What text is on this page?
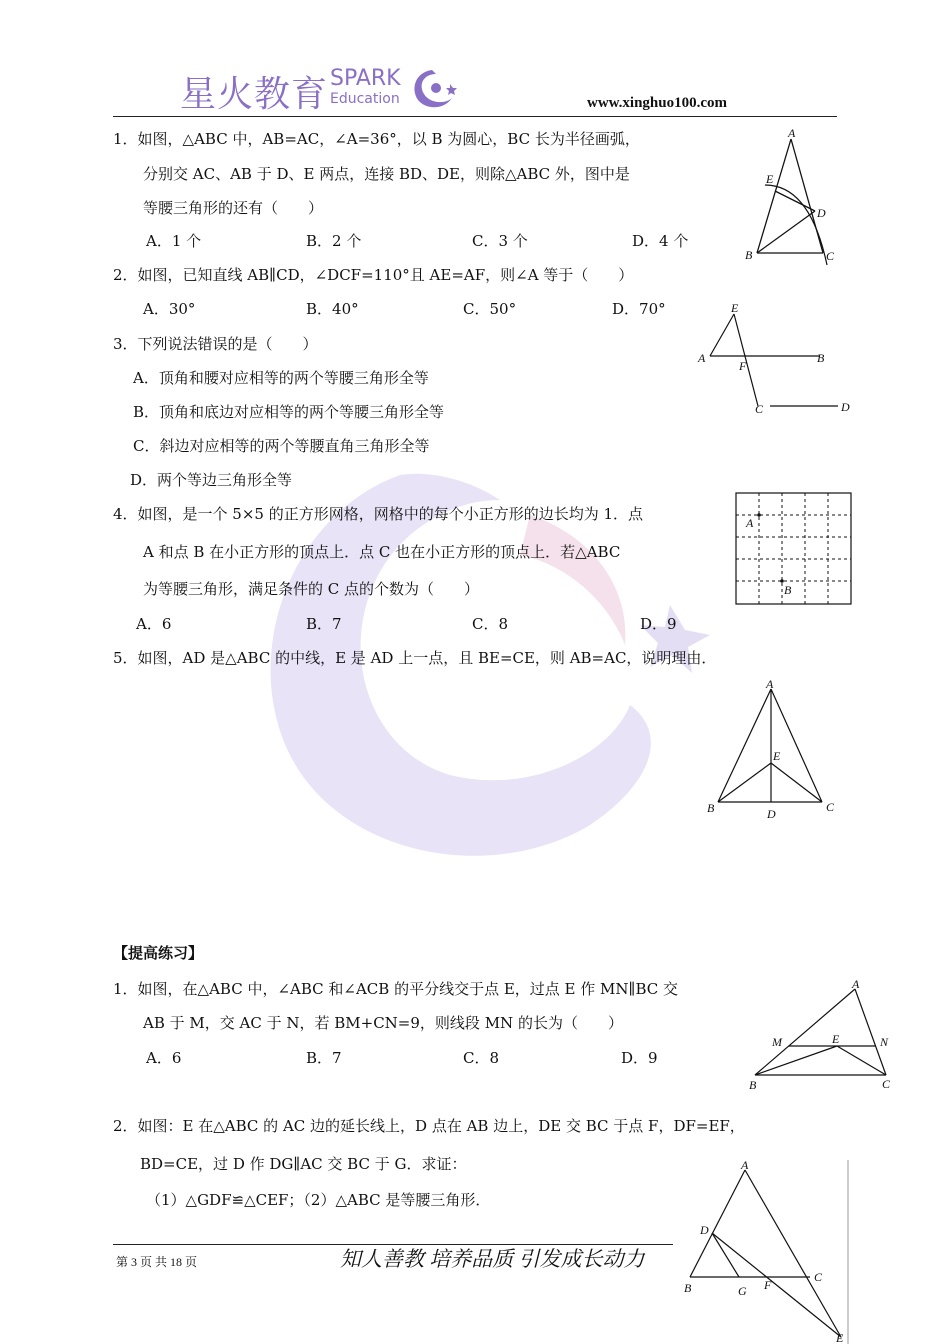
星火教育 SPARK
Education	www.xinghuo100.com
1．如图，△ABC 中，AB=AC，∠A=36°，以 B 为圆心，BC 长为半径画弧，
分别交 AC、AB 于 D、E 两点，连接 BD、DE，则除△ABC 外，图中是
等腰三角形的还有（　　）
A．1 个	B．2 个	C．3 个	D．4 个
A
E
D
B	C
2．如图，已知直线 AB∥CD，∠DCF=110°且 AE=AF，则∠A 等于（　　）
A．30°	B．40°	C．50°	D．70°	E
A
F
B
C	D
3．下列说法错误的是（　　）
A．顶角和腰对应相等的两个等腰三角形全等
B．顶角和底边对应相等的两个等腰三角形全等
C．斜边对应相等的两个等腰直角三角形全等
D．两个等边三角形全等
4．如图，是一个 5×5 的正方形网格，网格中的每个小正方形的边长均为 1．点
A 和点 B 在小正方形的顶点上．点 C 也在小正方形的顶点上．若△ABC
为等腰三角形，满足条件的 C 点的个数为（　　）
A．6	B．7	C．8	D．9
A
B
5．如图，AD 是△ABC 的中线，E 是 AD 上一点，且 BE=CE，则 AB=AC，说明理由．
A
E
B	D	C
【提高练习】
1．如图，在△ABC 中，∠ABC 和∠ACB 的平分线交于点 E，过点 E 作 MN∥BC 交
AB 于 M，交 AC 于 N，若 BM+CN=9，则线段 MN 的长为（　　）
A．6	B．7	C．8	D．9
A
M	E	N
B	C
2．如图：E 在△ABC 的 AC 边的延长线上，D 点在 AB 边上，DE 交 BC 于点 F，DF=EF，
BD=CE，过 D 作 DG∥AC 交 BC 于 G．求证：
（1）△GDF≌△CEF；（2）△ABC 是等腰三角形．
A
D
B	G F
C
E
第 3 页 共 18 页	知人善教 培养品质 引发成长动力
